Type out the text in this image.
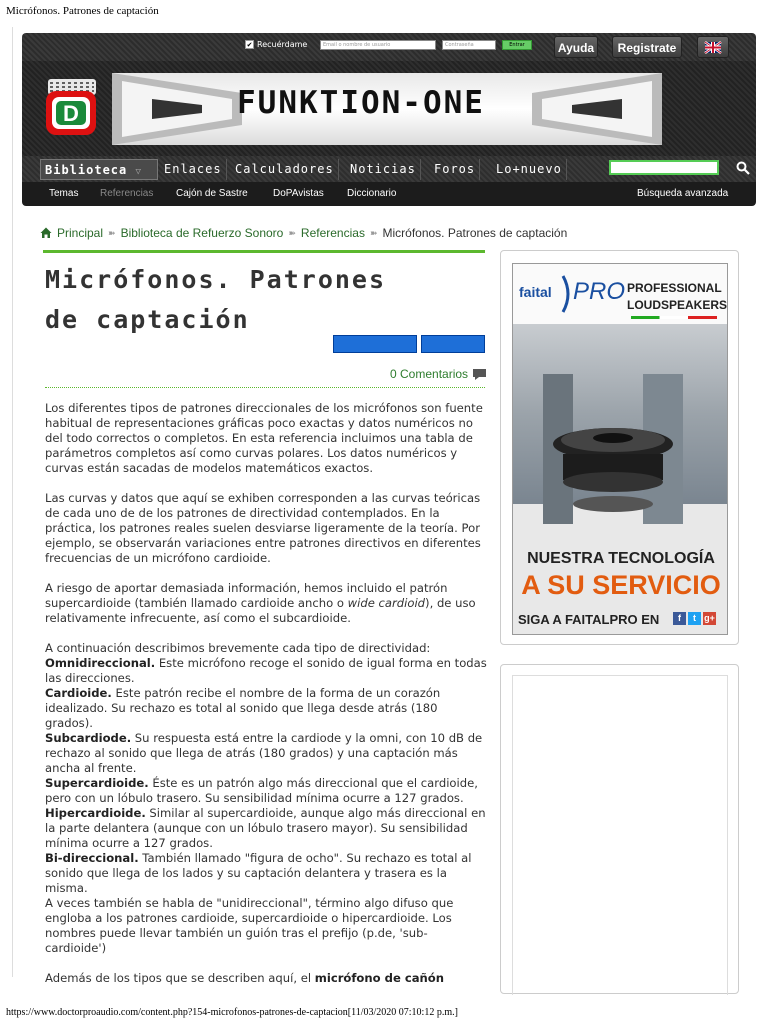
Micrófonos. Patrones de captación
✔ Recuérdame	Email o nombre de usuario	Contraseña	Entrar	Ayuda	Registrate
FUNKTION-ONE
D
Biblioteca ▽	Enlaces	Calculadores	Noticias	Foros	Lo+nuevo
Temas Referencias Cajón de Sastre	DoPAvistas Diccionario	Búsqueda avanzada
Principal ➽ Biblioteca de Refuerzo Sonoro ➽ Referencias ➽ Micrófonos. Patrones de captación
Micrófonos. Patrones
de captación
0 Comentarios

Los diferentes tipos de patrones direccionales de los micrófonos son fuente habitual de representaciones gráficas poco exactas y datos numéricos no del todo correctos o completos. En esta referencia incluimos una tabla de parámetros completos así como curvas polares. Los datos numéricos y curvas están sacadas de modelos matemáticos exactos.

Las curvas y datos que aquí se exhiben corresponden a las curvas teóricas de cada uno de de los patrones de directividad contemplados. En la práctica, los patrones reales suelen desviarse ligeramente de la teoría. Por ejemplo, se observarán variaciones entre patrones directivos en diferentes frecuencias de un micrófono cardioide.

A riesgo de aportar demasiada información, hemos incluido el patrón supercardioide (también llamado cardioide ancho o wide cardioid), de uso relativamente infrecuente, así como el subcardioide.

A continuación describimos brevemente cada tipo de directividad:
Omnidireccional. Este micrófono recoge el sonido de igual forma en todas las direcciones.
Cardioide. Este patrón recibe el nombre de la forma de un corazón idealizado. Su rechazo es total al sonido que llega desde atrás (180 grados).
Subcardiode. Su respuesta está entre la cardiode y la omni, con 10 dB de rechazo al sonido que llega de atrás (180 grados) y una captación más ancha al frente.
Supercardioide. Éste es un patrón algo más direccional que el cardioide, pero con un lóbulo trasero. Su sensibilidad mínima ocurre a 127 grados.
Hipercardioide. Similar al supercardioide, aunque algo más direccional en la parte delantera (aunque con un lóbulo trasero mayor). Su sensibilidad mínima ocurre a 127 grados.
Bi-direccional. También llamado "figura de ocho". Su rechazo es total al sonido que llega de los lados y su captación delantera y trasera es la misma.
A veces también se habla de "unidireccional", término algo difuso que engloba a los patrones cardioide, supercardioide o hipercardioide. Los nombres puede llevar también un guión tras el prefijo (p.de, 'sub-cardioide')

Además de los tipos que se describen aquí, el micrófono de cañón

faital PRO PROFESSIONAL LOUDSPEAKERS
NUESTRA TECNOLOGÍA
A SU SERVICIO
SIGA A FAITALPRO EN	f	t g+
https://www.doctorproaudio.com/content.php?154-microfonos-patrones-de-captacion[11/03/2020 07:10:12 p.m.]
